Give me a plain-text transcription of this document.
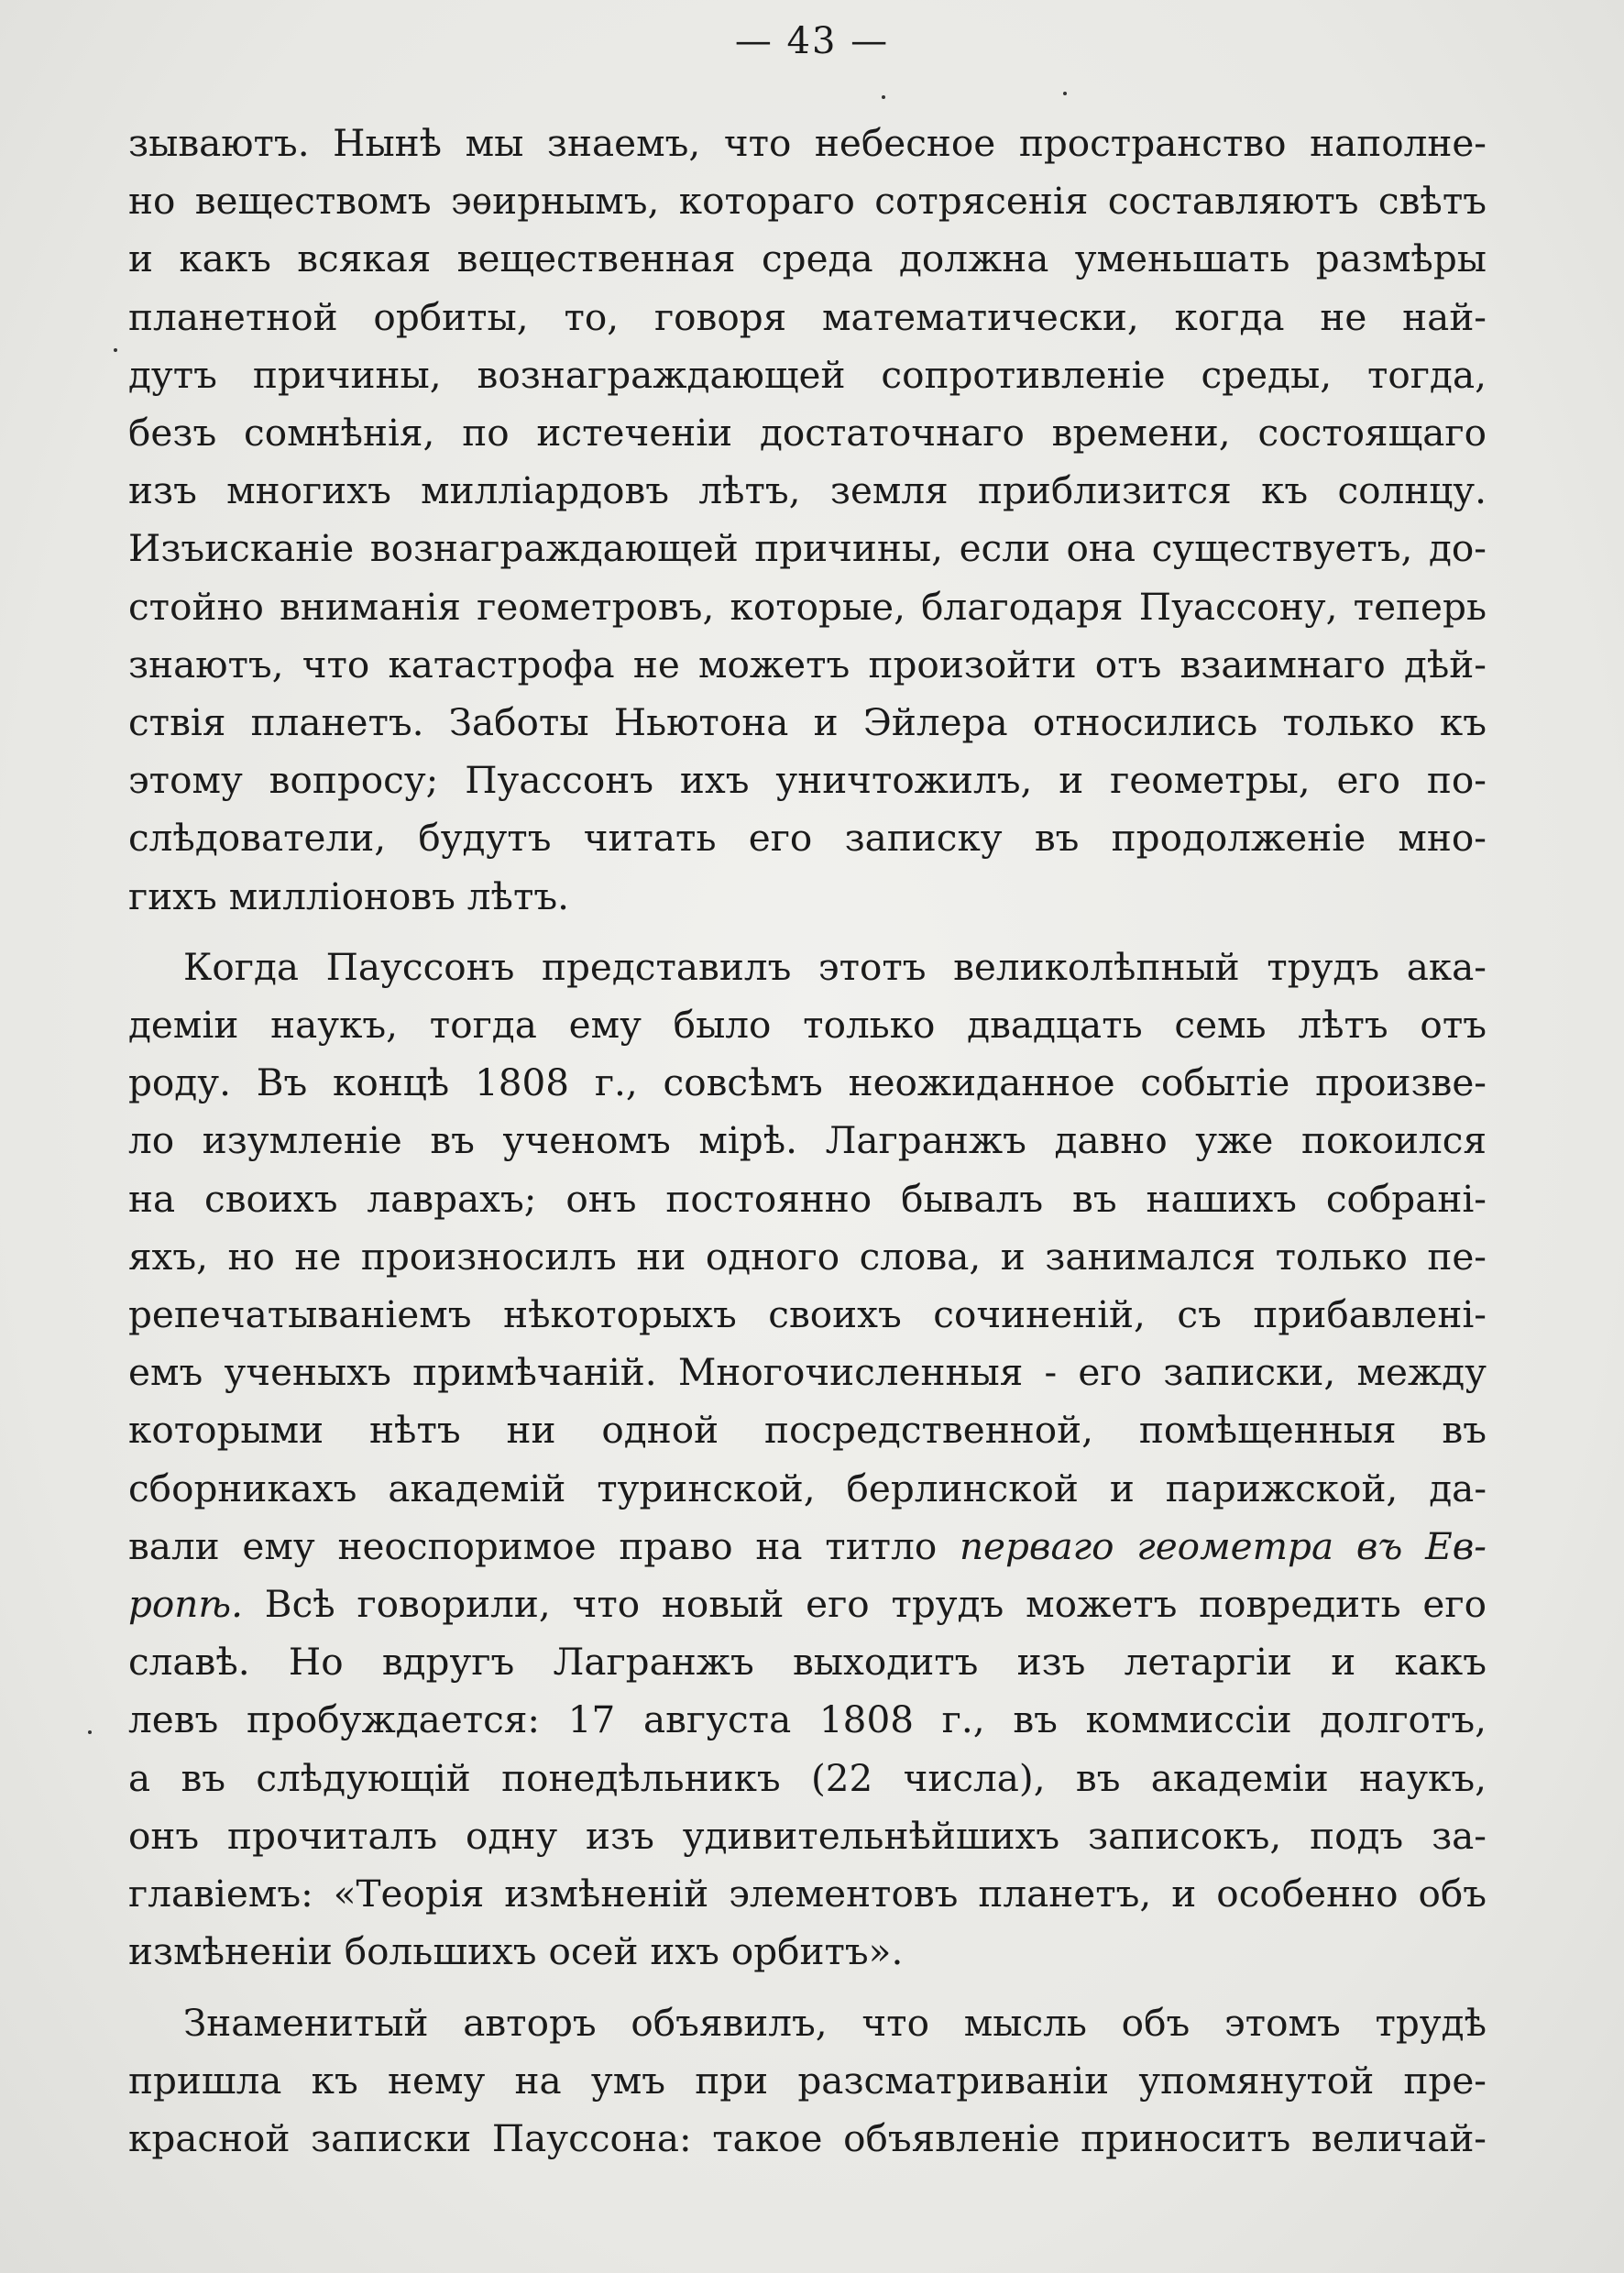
— 43 —
зываютъ. Нынѣ мы знаемъ, что небесное пространство наполне-
но веществомъ эѳирнымъ, котораго сотрясенія составляютъ свѣтъ
и какъ всякая вещественная среда должна уменьшать размѣры
планетной орбиты, то, говоря математически, когда не най-
дутъ причины, вознаграждающей сопротивленіе среды, тогда,
безъ сомнѣнія, по истеченіи достаточнаго времени, состоящаго
изъ многихъ милліардовъ лѣтъ, земля приблизится къ солнцу.
Изъисканіе вознаграждающей причины, если она существуетъ, до-
стойно вниманія геометровъ, которые, благодаря Пуассону, теперь
знаютъ, что катастрофа не можетъ произойти отъ взаимнаго дѣй-
ствія планетъ. Заботы Ньютона и Эйлера относились только къ
этому вопросу; Пуассонъ ихъ уничтожилъ, и геометры, его по-
слѣдователи, будутъ читать его записку въ продолженіе мно-
гихъ милліоновъ лѣтъ.
Когда Пауссонъ представилъ этотъ великолѣпный трудъ ака-
деміи наукъ, тогда ему было только двадцать семь лѣтъ отъ
роду. Въ концѣ 1808 г., совсѣмъ неожиданное событіе произве-
ло изумленіе въ ученомъ мірѣ. Лагранжъ давно уже покоился
на своихъ лаврахъ; онъ постоянно бывалъ въ нашихъ собрані-
яхъ, но не произносилъ ни одного слова, и занимался только пе-
репечатываніемъ нѣкоторыхъ своихъ сочиненій, съ прибавлені-
емъ ученыхъ примѣчаній. Многочисленныя - его записки, между
которыми нѣтъ ни одной посредственной, помѣщенныя въ
сборникахъ академій туринской, берлинской и парижской, да-
вали ему неоспоримое право на титло перваго геометра въ Ев-
ропѣ. Всѣ говорили, что новый его трудъ можетъ повредить его
славѣ. Но вдругъ Лагранжъ выходитъ изъ летаргіи и какъ
левъ пробуждается: 17 августа 1808 г., въ коммиссіи долготъ,
а въ слѣдующій понедѣльникъ (22 числа), въ академіи наукъ,
онъ прочиталъ одну изъ удивительнѣйшихъ записокъ, подъ за-
главіемъ: «Теорія измѣненій элементовъ планетъ, и особенно объ
измѣненіи большихъ осей ихъ орбитъ».
Знаменитый авторъ объявилъ, что мысль объ этомъ трудѣ
пришла къ нему на умъ при разсматриваніи упомянутой пре-
красной записки Паусcона: такое объявленіе приноситъ величай-
